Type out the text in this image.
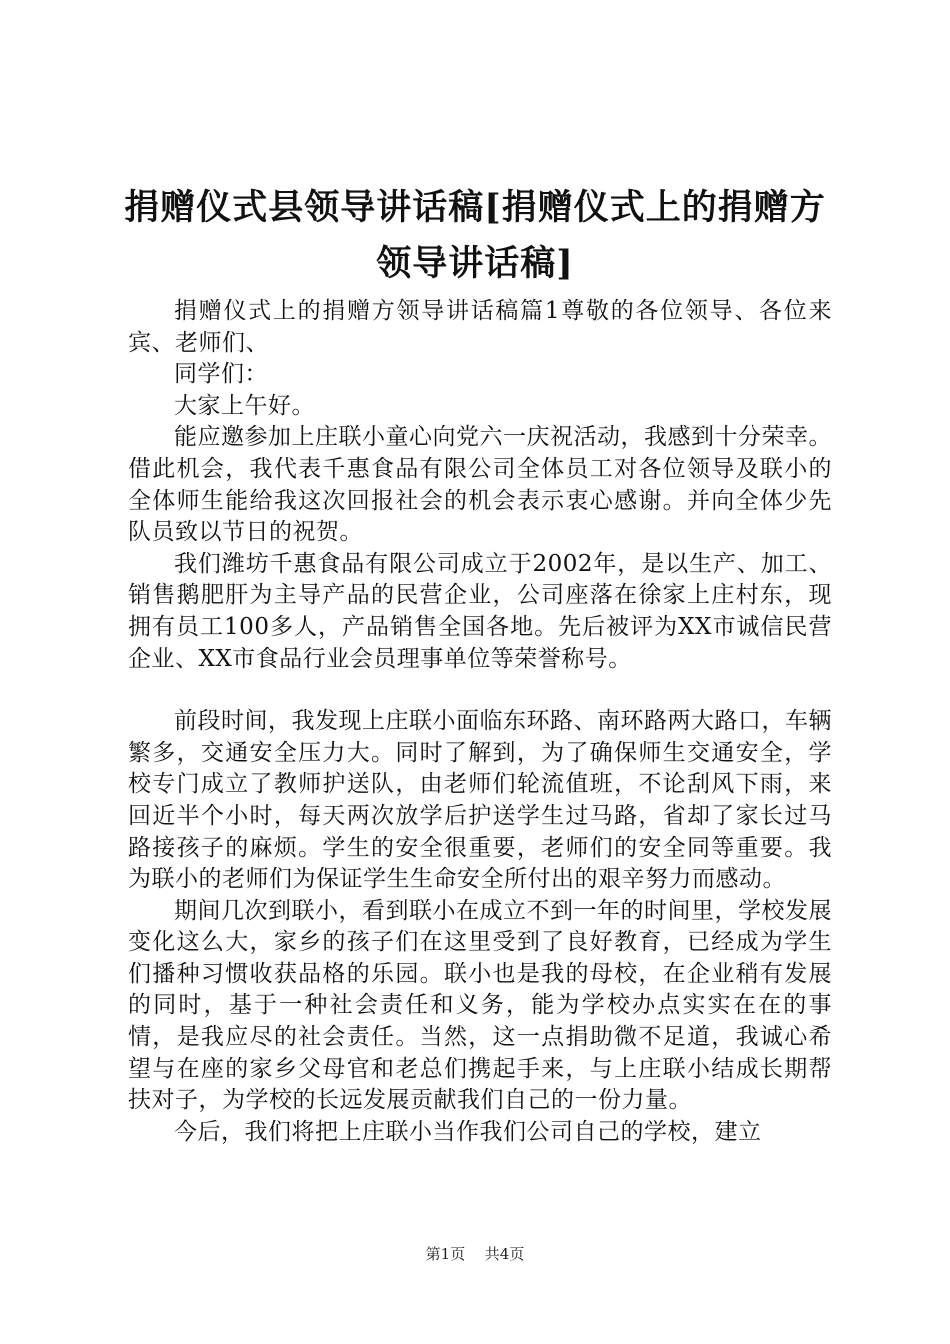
捐赠仪式县领导讲话稿[捐赠仪式上的捐赠方领导讲话稿]

捐赠仪式上的捐赠方领导讲话稿篇1尊敬的各位领导、各位来宾、老师们、

同学们：

大家上午好。

能应邀参加上庄联小童心向党六一庆祝活动，我感到十分荣幸。借此机会，我代表千惠食品有限公司全体员工对各位领导及联小的全体师生能给我这次回报社会的机会表示衷心感谢。并向全体少先队员致以节日的祝贺。

我们潍坊千惠食品有限公司成立于2002年，是以生产、加工、销售鹅肥肝为主导产品的民营企业，公司座落在徐家上庄村东，现拥有员工100多人，产品销售全国各地。先后被评为XX市诚信民营企业、XX市食品行业会员理事单位等荣誉称号。

前段时间，我发现上庄联小面临东环路、南环路两大路口，车辆繁多，交通安全压力大。同时了解到，为了确保师生交通安全，学校专门成立了教师护送队，由老师们轮流值班，不论刮风下雨，来回近半个小时，每天两次放学后护送学生过马路，省却了家长过马路接孩子的麻烦。学生的安全很重要，老师们的安全同等重要。我为联小的老师们为保证学生生命安全所付出的艰辛努力而感动。

期间几次到联小，看到联小在成立不到一年的时间里，学校发展变化这么大，家乡的孩子们在这里受到了良好教育，已经成为学生们播种习惯收获品格的乐园。联小也是我的母校，在企业稍有发展的同时，基于一种社会责任和义务，能为学校办点实实在在的事情，是我应尽的社会责任。当然，这一点捐助微不足道，我诚心希望与在座的家乡父母官和老总们携起手来，与上庄联小结成长期帮扶对子，为学校的长远发展贡献我们自己的一份力量。

今后，我们将把上庄联小当作我们公司自己的学校，建立

第1页 共4页
